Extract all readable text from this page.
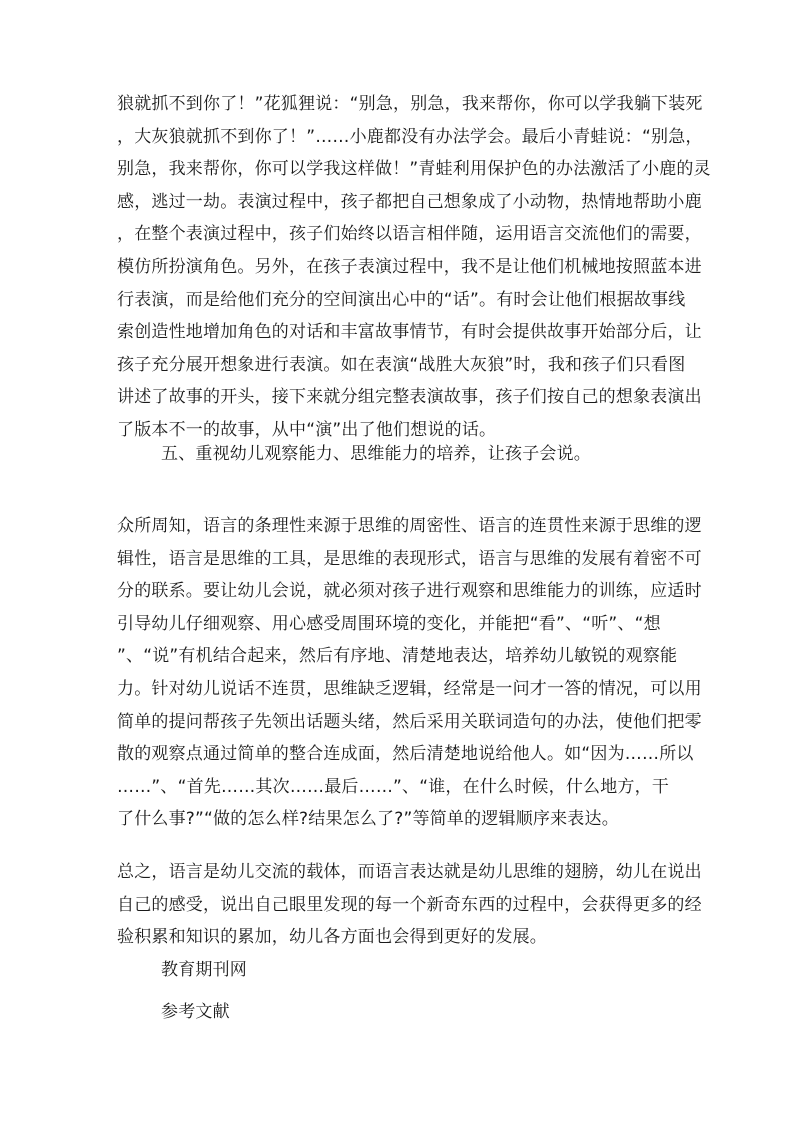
狼就抓不到你了！”花狐狸说：“别急，别急，我来帮你，你可以学我躺下装死
，大灰狼就抓不到你了！”……小鹿都没有办法学会。最后小青蛙说：“别急，
别急，我来帮你，你可以学我这样做！”青蛙利用保护色的办法激活了小鹿的灵
感，逃过一劫。表演过程中，孩子都把自己想象成了小动物，热情地帮助小鹿
，在整个表演过程中，孩子们始终以语言相伴随，运用语言交流他们的需要，
模仿所扮演角色。另外，在孩子表演过程中，我不是让他们机械地按照蓝本进
行表演，而是给他们充分的空间演出心中的“话”。有时会让他们根据故事线
索创造性地增加角色的对话和丰富故事情节，有时会提供故事开始部分后，让
孩子充分展开想象进行表演。如在表演“战胜大灰狼”时，我和孩子们只看图
讲述了故事的开头，接下来就分组完整表演故事，孩子们按自己的想象表演出
了版本不一的故事，从中“演”出了他们想说的话。
五、重视幼儿观察能力、思维能力的培养，让孩子会说。
众所周知，语言的条理性来源于思维的周密性、语言的连贯性来源于思维的逻
辑性，语言是思维的工具，是思维的表现形式，语言与思维的发展有着密不可
分的联系。要让幼儿会说，就必须对孩子进行观察和思维能力的训练，应适时
引导幼儿仔细观察、用心感受周围环境的变化，并能把“看”、“听”、“想
”、“说”有机结合起来，然后有序地、清楚地表达，培养幼儿敏锐的观察能
力。针对幼儿说话不连贯，思维缺乏逻辑，经常是一问才一答的情况，可以用
简单的提问帮孩子先领出话题头绪，然后采用关联词造句的办法，使他们把零
散的观察点通过简单的整合连成面，然后清楚地说给他人。如“因为……所以
……”、“首先……其次……最后……”、“谁，在什么时候，什么地方，干
了什么事?”“做的怎么样?结果怎么了?”等简单的逻辑顺序来表达。
总之，语言是幼儿交流的载体，而语言表达就是幼儿思维的翅膀，幼儿在说出
自己的感受，说出自己眼里发现的每一个新奇东西的过程中，会获得更多的经
验积累和知识的累加，幼儿各方面也会得到更好的发展。
教育期刊网
参考文献
